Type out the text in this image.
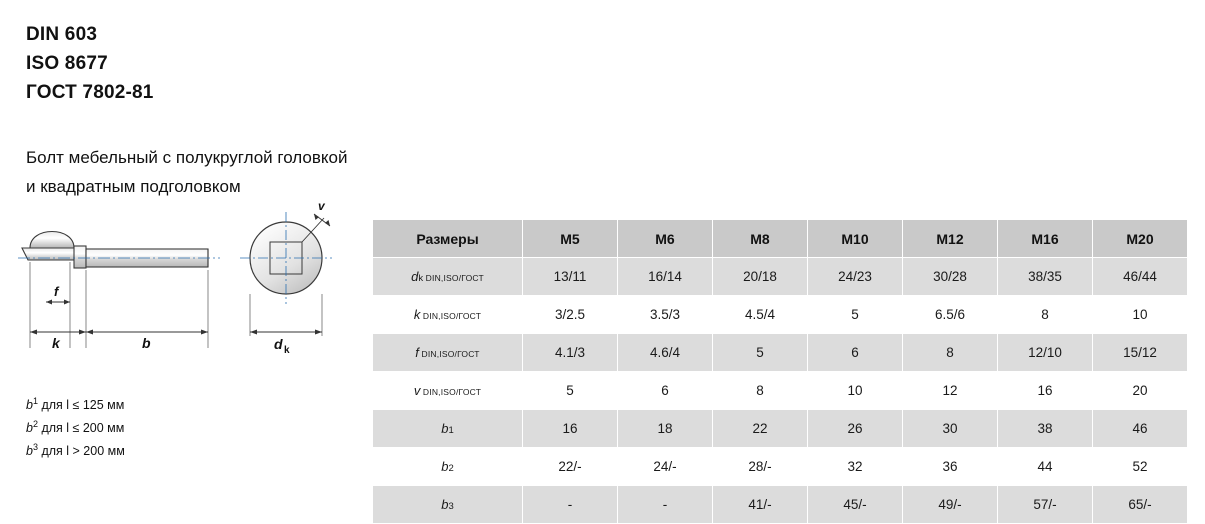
DIN 603
ISO 8677
ГОСТ 7802-81
Болт мебельный с полукруглой головкой
и квадратным подголовком
f
k	b
v
d k
$b^1$ для l ≤ 125 мм
$b^2$ для l ≤ 200 мм
$b^3$ для l > 200 мм
Размеры	M5	M6	M8	M10	M12	M16	M20
dk DIN,ISO/ГОСТ	13/11	16/14	20/18	24/23	30/28	38/35	46/44
k DIN,ISO/ГОСТ	3/2.5	3.5/3	4.5/4	5	6.5/6	8	10
f DIN,ISO/ГОСТ	4.1/3	4.6/4	5	6	8	12/10	15/12
v DIN,ISO/ГОСТ	5	6	8	10	12	16	20
b1	16	18	22	26	30	38	46
b2	22/-	24/-	28/-	32	36	44	52
b3	-	-	41/-	45/-	49/-	57/-	65/-
